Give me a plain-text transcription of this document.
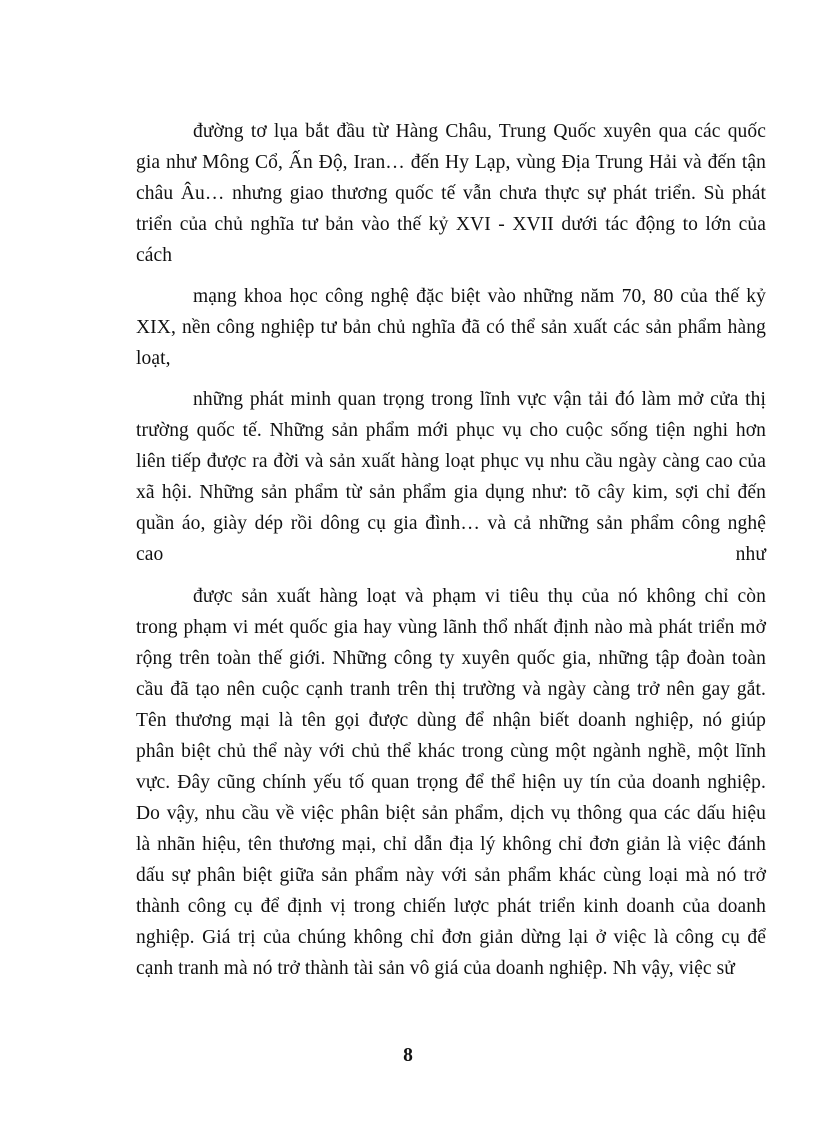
đường tơ lụa bắt đầu từ Hàng Châu, Trung Quốc xuyên qua các quốc
gia như Mông Cổ, Ấn Độ, Iran… đến Hy Lạp, vùng Địa Trung Hải và đến tận
châu Âu… nhưng giao thương quốc tế vẫn chưa thực sự phát triển. Sù phát
triển của chủ nghĩa tư bản vào thế kỷ XVI - XVII dưới tác động to lớn của
cách
mạng khoa học công nghệ đặc biệt vào những năm 70, 80 của thế kỷ
XIX, nền công nghiệp tư bản chủ nghĩa đã có thể sản xuất các sản phẩm hàng
loạt,
những phát minh quan trọng trong lĩnh vực vận tải đó làm mở cửa thị
trường quốc tế. Những sản phẩm mới phục vụ cho cuộc sống tiện nghi hơn
liên tiếp được ra đời và sản xuất hàng loạt phục vụ nhu cầu ngày càng cao của
xã hội. Những sản phẩm từ sản phẩm gia dụng như: tõ cây kim, sợi chỉ đến
quần áo, giày dép rồi dông cụ gia đình… và cả những sản phẩm công nghệ
cao như
được sản xuất hàng loạt và phạm vi tiêu thụ của nó không chỉ còn
trong phạm vi mét quốc gia hay vùng lãnh thổ nhất định nào mà phát triển mở
rộng trên toàn thế giới. Những công ty xuyên quốc gia, những tập đoàn toàn
cầu đã tạo nên cuộc cạnh tranh trên thị trường và ngày càng trở nên gay gắt.
Tên thương mại là tên gọi được dùng để nhận biết doanh nghiệp, nó giúp
phân biệt chủ thể này với chủ thể khác trong cùng một ngành nghề, một lĩnh
vực. Đây cũng chính yếu tố quan trọng để thể hiện uy tín của doanh nghiệp.
Do vậy, nhu cầu về việc phân biệt sản phẩm, dịch vụ thông qua các dấu hiệu
là nhãn hiệu, tên thương mại, chỉ dẫn địa lý không chỉ đơn giản là việc đánh
dấu sự phân biệt giữa sản phẩm này với sản phẩm khác cùng loại mà nó trở
thành công cụ để định vị trong chiến lược phát triển kinh doanh của doanh
nghiệp. Giá trị của chúng không chỉ đơn giản dừng lại ở việc là công cụ để
cạnh tranh mà nó trở thành tài sản vô giá của doanh nghiệp. Nh vậy, việc sử
8
